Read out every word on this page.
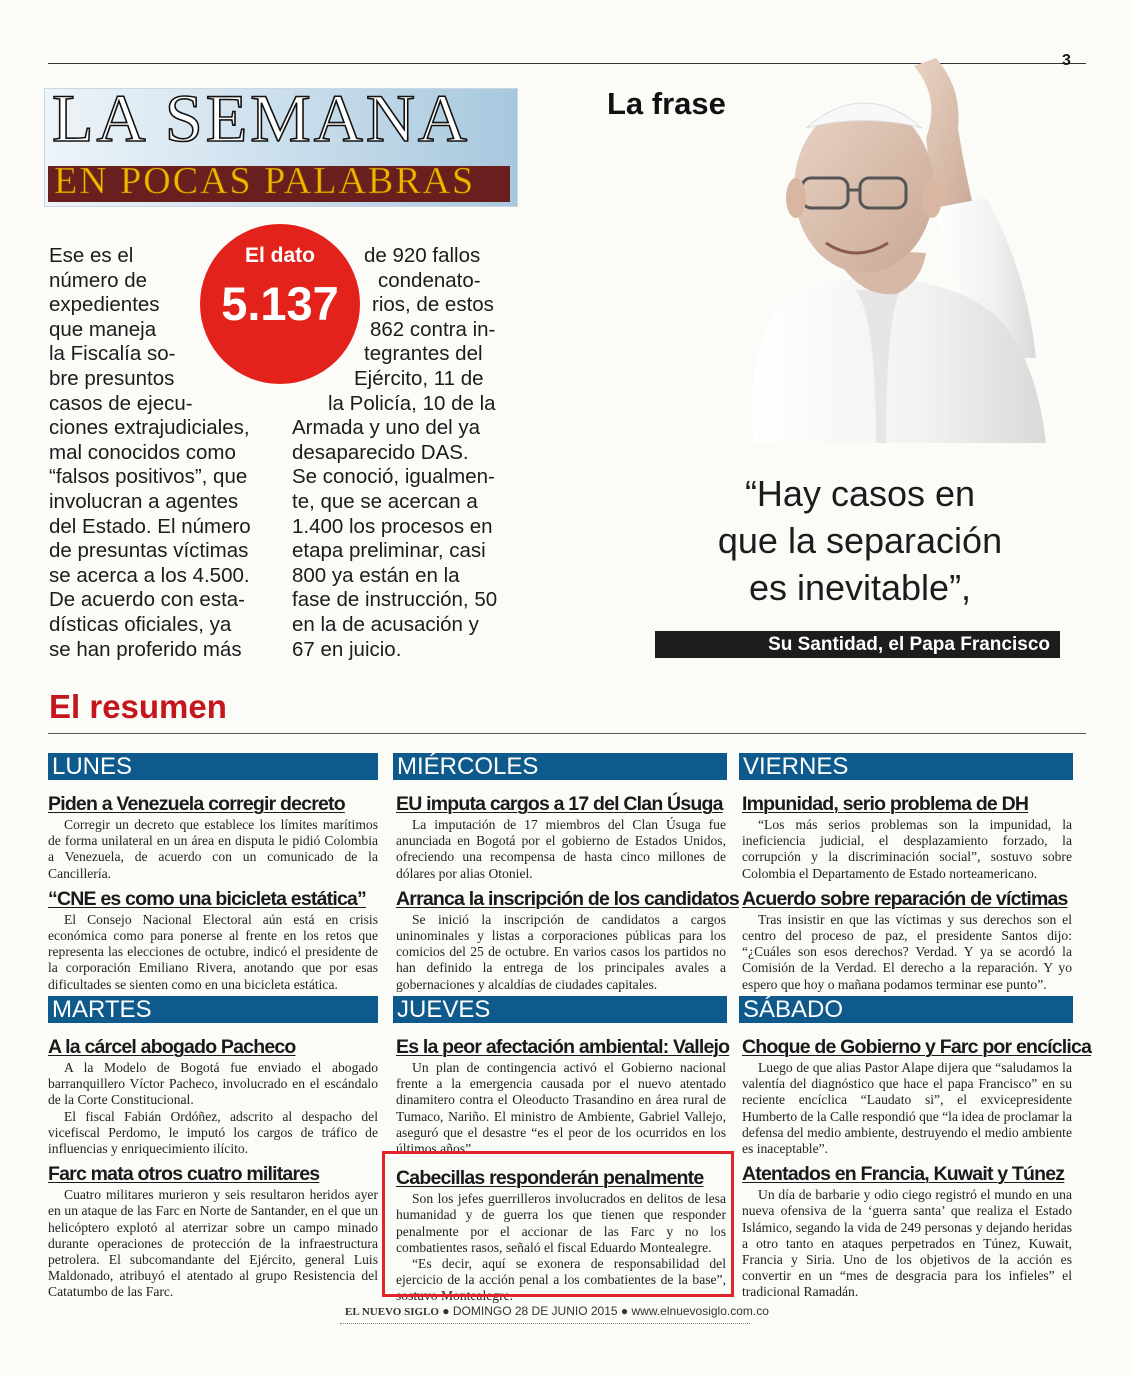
3
LA SEMANA
EN POCAS PALABRAS
Ese es el
número de
expedientes
que maneja
la Fiscalía so-
bre presuntos
casos de ejecu-
ciones extrajudiciales,
mal conocidos como
“falsos positivos”, que
involucran a agentes
del Estado. El número
de presuntas víctimas
se acerca a los 4.500.
De acuerdo con esta-
dísticas oficiales, ya
se han proferido más
de 920 fallos
condenato-
rios, de estos
862 contra in-
tegrantes del
Ejército, 11 de
la Policía, 10 de la
Armada y uno del ya
desaparecido DAS.
Se conoció, igualmen-
te, que se acercan a
1.400 los procesos en
etapa preliminar, casi
800 ya están en la
fase de instrucción, 50
en la de acusación y
67 en juicio.
El dato
5.137
La frase
“Hay casos en
que la separación
es inevitable”,
Su Santidad, el Papa Francisco
El resumen
LUNES	MIÉRCOLES	VIERNES
MARTES	JUEVES	SÁBADO
Piden a Venezuela corregir decreto

Corregir un decreto que establece los límites marítimos de forma unilateral en un área en disputa le pidió Colombia a Venezuela, de acuerdo con un comunicado de la Cancillería.

“CNE es como una bicicleta estática”

El Consejo Nacional Electoral aún está en crisis económica como para ponerse al frente en los retos que representa las elecciones de octubre, indicó el presidente de la corporación Emiliano Rivera, anotando que por esas dificultades se sienten como en una bicicleta estática.

EU imputa cargos a 17 del Clan Úsuga

La imputación de 17 miembros del Clan Úsuga fue anunciada en Bogotá por el gobierno de Estados Unidos, ofreciendo una recompensa de hasta cinco millones de dólares por alias Otoniel.

Arranca la inscripción de los candidatos

Se inició la inscripción de candidatos a cargos uninominales y listas a corporaciones públicas para los comicios del 25 de octubre. En varios casos los partidos no han definido la entrega de los principales avales a gobernaciones y alcaldías de ciudades capitales.

Impunidad, serio problema de DH

“Los más serios problemas son la impunidad, la ineficiencia judicial, el desplazamiento forzado, la corrupción y la discriminación social”, sostuvo sobre Colombia el Departamento de Estado norteamericano.

Acuerdo sobre reparación de víctimas

Tras insistir en que las víctimas y sus derechos son el centro del proceso de paz, el presidente Santos dijo: “¿Cuáles son esos derechos? Verdad. Y ya se acordó la Comisión de la Verdad. El derecho a la reparación. Y yo espero que hoy o mañana podamos terminar ese punto”.

A la cárcel abogado Pacheco

A la Modelo de Bogotá fue enviado el abogado barranquillero Víctor Pacheco, involucrado en el escándalo de la Corte Constitucional.

El fiscal Fabián Ordóñez, adscrito al despacho del vicefiscal Perdomo, le imputó los cargos de tráfico de influencias y enriquecimiento ilícito.

Farc mata otros cuatro militares

Cuatro militares murieron y seis resultaron heridos ayer en un ataque de las Farc en Norte de Santander, en el que un helicóptero explotó al aterrizar sobre un campo minado durante operaciones de protección de la infraestructura petrolera. El subcomandante del Ejército, general Luis Maldonado, atribuyó el atentado al grupo Resistencia del Catatumbo de las Farc.

Es la peor afectación ambiental: Vallejo

Un plan de contingencia activó el Gobierno nacional frente a la emergencia causada por el nuevo atentado dinamitero contra el Oleoducto Trasandino en área rural de Tumaco, Nariño. El ministro de Ambiente, Gabriel Vallejo, aseguró que el desastre “es el peor de los ocurridos en los últimos años”.

Cabecillas responderán penalmente

Son los jefes guerrilleros involucrados en delitos de lesa humanidad y de guerra los que tienen que responder penalmente por el accionar de las Farc y no los combatientes rasos, señaló el fiscal Eduardo Montealegre.

“Es decir, aquí se exonera de responsabilidad del ejercicio de la acción penal a los combatientes de la base”, sostuvo Montealegre.

Choque de Gobierno y Farc por encíclica

Luego de que alias Pastor Alape dijera que “saludamos la valentía del diagnóstico que hace el papa Francisco” en su reciente encíclica “Laudato si”, el exvicepresidente Humberto de la Calle respondió que “la idea de proclamar la defensa del medio ambiente, destruyendo el medio ambiente es inaceptable”.

Atentados en Francia, Kuwait y Túnez

Un día de barbarie y odio ciego registró el mundo en una nueva ofensiva de la ‘guerra santa’ que realiza el Estado Islámico, segando la vida de 249 personas y dejando heridas a otro tanto en ataques perpetrados en Túnez, Kuwait, Francia y Siria. Uno de los objetivos de la acción es convertir en un “mes de desgracia para los infieles” el tradicional Ramadán.

EL NUEVO SIGLO ● DOMINGO 28 DE JUNIO 2015 ● www.elnuevosiglo.com.co
